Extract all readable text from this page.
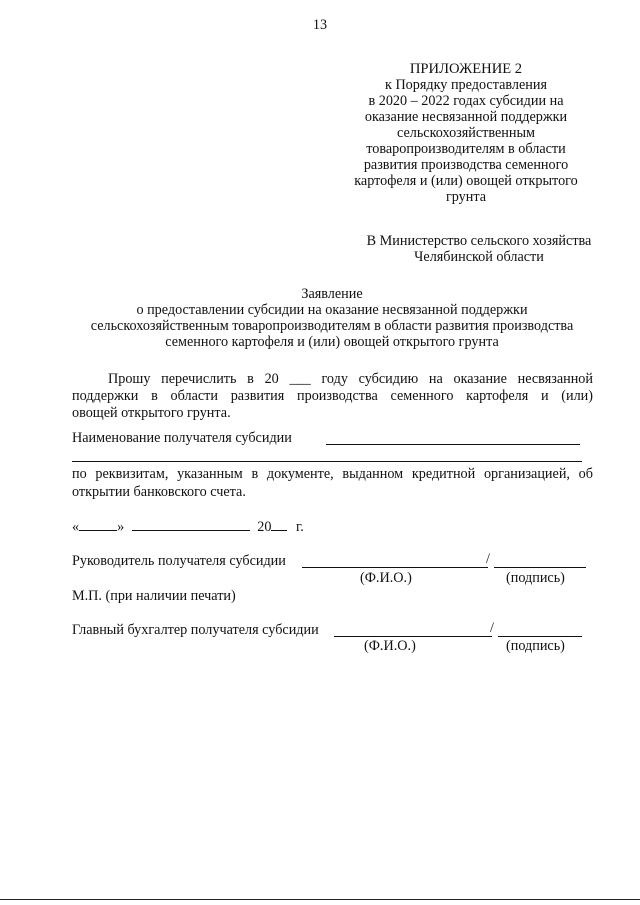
13
ПРИЛОЖЕНИЕ 2
к Порядку предоставления
в 2020 – 2022 годах субсидии на
оказание несвязанной поддержки
сельскохозяйственным
товаропроизводителям в области
развития производства семенного
картофеля и (или) овощей открытого
грунта
В Министерство сельского хозяйства
Челябинской области
Заявление
о предоставлении субсидии на оказание несвязанной поддержки
сельскохозяйственным товаропроизводителям в области развития производства
семенного картофеля и (или) овощей открытого грунта
Прошу перечислить в 20 ___ году субсидию на оказание несвязанной
поддержки в области развития производства семенного картофеля и (или)
овощей открытого грунта.
Наименование получателя субсидии
по реквизитам, указанным в документе, выданном кредитной организацией, об
открытии банковского счета.
«	»	20 г.
Руководитель получателя субсидии	/
(Ф.И.О.)	(подпись)
М.П. (при наличии печати)
Главный бухгалтер получателя субсидии	/
(Ф.И.О.)	(подпись)
